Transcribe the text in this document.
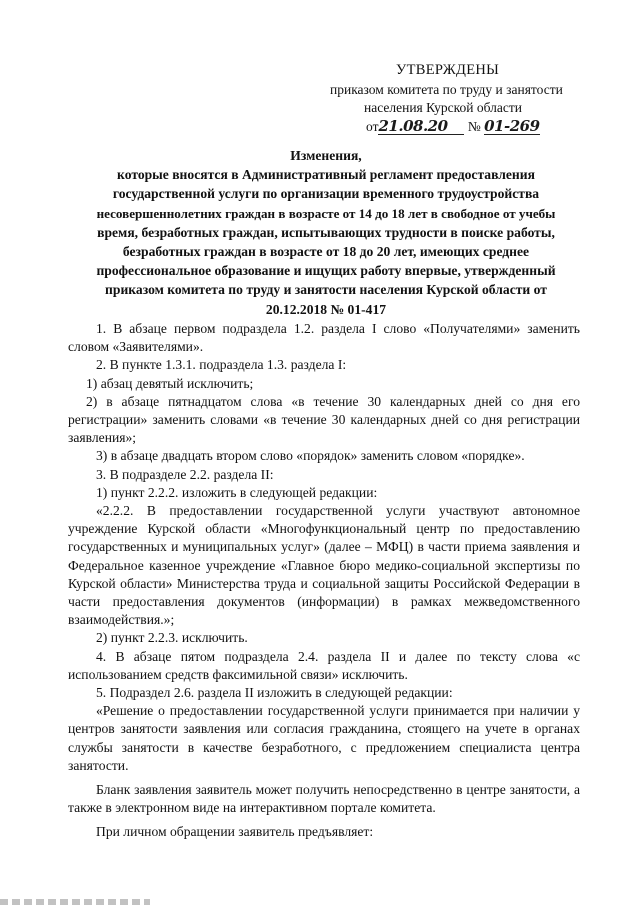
УТВЕРЖДЕНЫ
приказом комитета по труду и занятости
населения Курской области
от 21.08.20 № 01-269
Изменения,
которые вносятся в Административный регламент предоставления
государственной услуги по организации временного трудоустройства
несовершеннолетних граждан в возрасте от 14 до 18 лет в свободное от учебы
время, безработных граждан, испытывающих трудности в поиске работы,
безработных граждан в возрасте от 18 до 20 лет, имеющих среднее
профессиональное образование и ищущих работу впервые, утвержденный
приказом комитета по труду и занятости населения Курской области от
20.12.2018 № 01-417

1. В абзаце первом подраздела 1.2. раздела I слово «Получателями» заменить словом «Заявителями».

2. В пункте 1.3.1. подраздела 1.3. раздела I:

1) абзац девятый исключить;

2) в абзаце пятнадцатом слова «в течение 30 календарных дней со дня его регистрации» заменить словами «в течение 30 календарных дней со дня регистрации заявления»;

3) в абзаце двадцать втором слово «порядок» заменить словом «порядке».

3. В подразделе 2.2. раздела II:

1) пункт 2.2.2. изложить в следующей редакции:

«2.2.2. В предоставлении государственной услуги участвуют автономное учреждение Курской области «Многофункциональный центр по предоставлению государственных и муниципальных услуг» (далее – МФЦ) в части приема заявления и Федеральное казенное учреждение «Главное бюро медико-социальной экспертизы по Курской области» Министерства труда и социальной защиты Российской Федерации в части предоставления документов (информации) в рамках межведомственного взаимодействия.»;

2) пункт 2.2.3. исключить.

4. В абзаце пятом подраздела 2.4. раздела II и далее по тексту слова «с использованием средств факсимильной связи» исключить.

5. Подраздел 2.6. раздела II изложить в следующей редакции:

«Решение о предоставлении государственной услуги принимается при наличии у центров занятости заявления или согласия гражданина, стоящего на учете в органах службы занятости в качестве безработного, с предложением специалиста центра занятости.

Бланк заявления заявитель может получить непосредственно в центре занятости, а также в электронном виде на интерактивном портале комитета.

При личном обращении заявитель предъявляет:
